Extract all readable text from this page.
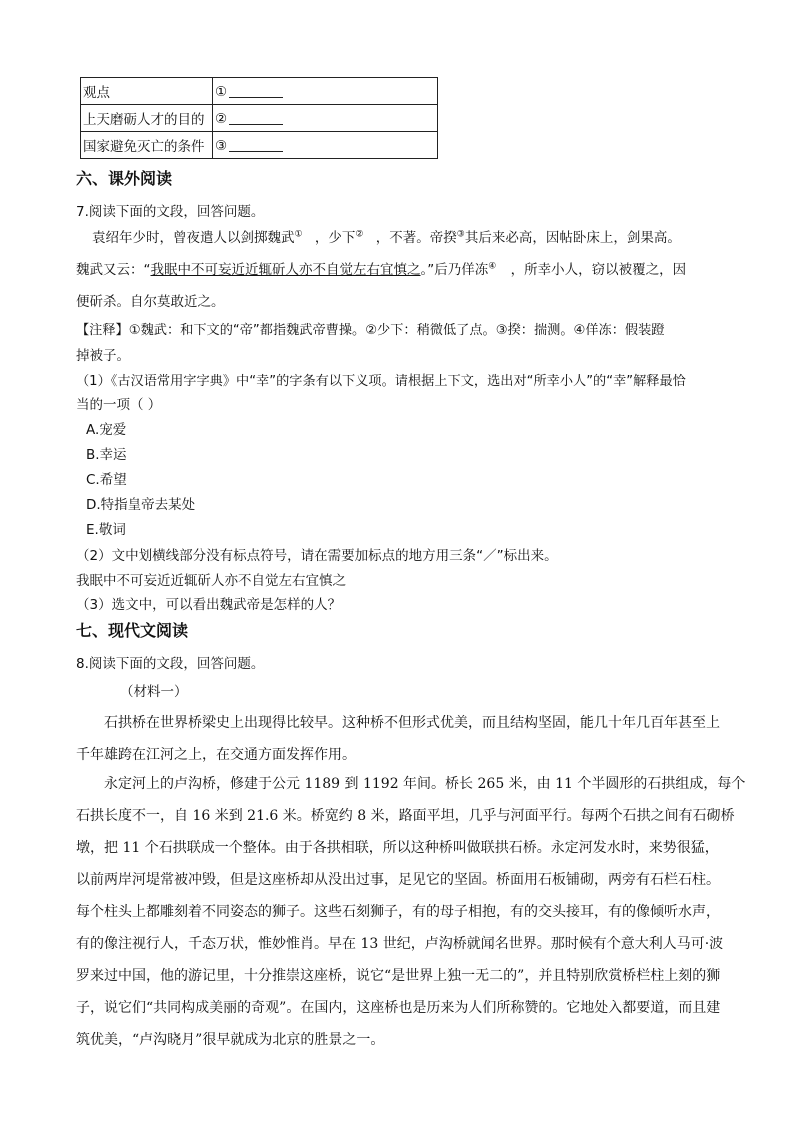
观点	①
上天磨砺人才的目的	②
国家避免灭亡的条件	③
六、课外阅读
7.阅读下面的文段，回答问题。
袁绍年少时，曾夜遣人以剑掷魏武① ，少下② ，不著。帝揆③其后来必高，因帖卧床上，剑果高。
魏武又云：“我眠中不可妄近近辄斫人亦不自觉左右宜慎之。”后乃佯冻④ ，所幸小人，窃以被覆之，因
便斫杀。自尔莫敢近之。
【注释】①魏武：和下文的“帝”都指魏武帝曹操。②少下：稍微低了点。③揆：揣测。④佯冻：假装蹬
掉被子。
（1）《古汉语常用字字典》中“幸”的字条有以下义项。请根据上下文，选出对“所幸小人”的“幸”解释最恰
当的一项（ ）
A.宠爱
B.幸运
C.希望
D.特指皇帝去某处
E.敬词
（2）文中划横线部分没有标点符号，请在需要加标点的地方用三条“／”标出来。
我眠中不可妄近近辄斫人亦不自觉左右宜慎之
（3）选文中，可以看出魏武帝是怎样的人？
七、现代文阅读
8.阅读下面的文段，回答问题。
（材料一）
石拱桥在世界桥梁史上出现得比较早。这种桥不但形式优美，而且结构坚固，能几十年几百年甚至上
千年雄跨在江河之上，在交通方面发挥作用。
永定河上的卢沟桥，修建于公元 1189 到 1192 年间。桥长 265 米，由 11 个半圆形的石拱组成，每个
石拱长度不一，自 16 米到 21.6 米。桥宽约 8 米，路面平坦，几乎与河面平行。每两个石拱之间有石砌桥
墩，把 11 个石拱联成一个整体。由于各拱相联，所以这种桥叫做联拱石桥。永定河发水时，来势很猛，
以前两岸河堤常被冲毁，但是这座桥却从没出过事，足见它的坚固。桥面用石板铺砌，两旁有石栏石柱。
每个柱头上都雕刻着不同姿态的狮子。这些石刻狮子，有的母子相抱，有的交头接耳，有的像倾听水声，
有的像注视行人，千态万状，惟妙惟肖。早在 13 世纪，卢沟桥就闻名世界。那时候有个意大利人马可·波
罗来过中国，他的游记里，十分推崇这座桥，说它“是世界上独一无二的”，并且特别欣赏桥栏柱上刻的狮
子，说它们“共同构成美丽的奇观”。在国内，这座桥也是历来为人们所称赞的。它地处入都要道，而且建
筑优美，“卢沟晓月”很早就成为北京的胜景之一。
